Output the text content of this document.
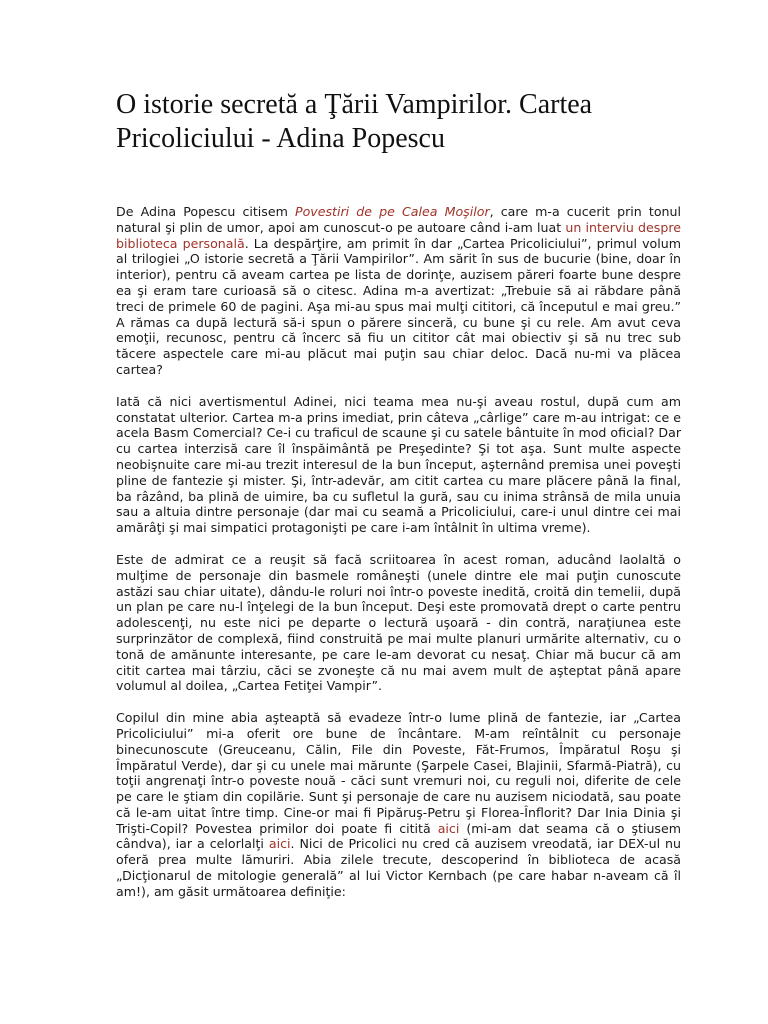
O istorie secretă a Ţării Vampirilor. Cartea Pricoliciului - Adina Popescu

De Adina Popescu citisem Povestiri de pe Calea Moşilor, care m-a cucerit prin tonul natural şi plin de umor, apoi am cunoscut-o pe autoare când i-am luat un interviu despre biblioteca personală. La despărţire, am primit în dar „Cartea Pricoliciului”, primul volum al trilogiei „O istorie secretă a Ţării Vampirilor”. Am sărit în sus de bucurie (bine, doar în interior), pentru că aveam cartea pe lista de dorinţe, auzisem păreri foarte bune despre ea şi eram tare curioasă să o citesc. Adina m-a avertizat: „Trebuie să ai răbdare până treci de primele 60 de pagini. Aşa mi-au spus mai mulţi cititori, că începutul e mai greu.” A rămas ca după lectură să-i spun o părere sinceră, cu bune şi cu rele. Am avut ceva emoţii, recunosc, pentru că încerc să fiu un cititor cât mai obiectiv şi să nu trec sub tăcere aspectele care mi-au plăcut mai puţin sau chiar deloc. Dacă nu-mi va plăcea cartea?

Iată că nici avertismentul Adinei, nici teama mea nu-şi aveau rostul, după cum am constatat ulterior. Cartea m-a prins imediat, prin câteva „cârlige” care m-au intrigat: ce e acela Basm Comercial? Ce-i cu traficul de scaune şi cu satele bântuite în mod oficial? Dar cu cartea interzisă care îl înspăimântă pe Preşedinte? Şi tot aşa. Sunt multe aspecte neobişnuite care mi-au trezit interesul de la bun început, aşternând premisa unei poveşti pline de fantezie şi mister. Şi, într-adevăr, am citit cartea cu mare plăcere până la final, ba râzând, ba plină de uimire, ba cu sufletul la gură, sau cu inima strânsă de mila unuia sau a altuia dintre personaje (dar mai cu seamă a Pricoliciului, care-i unul dintre cei mai amărâţi şi mai simpatici protagonişti pe care i-am întâlnit în ultima vreme).

Este de admirat ce a reuşit să facă scriitoarea în acest roman, aducând laolaltă o mulţime de personaje din basmele româneşti (unele dintre ele mai puţin cunoscute astăzi sau chiar uitate), dându-le roluri noi într-o poveste inedită, croită din temelii, după un plan pe care nu-l înţelegi de la bun început. Deşi este promovată drept o carte pentru adolescenţi, nu este nici pe departe o lectură uşoară - din contră, naraţiunea este surprinzător de complexă, fiind construită pe mai multe planuri urmărite alternativ, cu o tonă de amănunte interesante, pe care le-am devorat cu nesaţ. Chiar mă bucur că am citit cartea mai târziu, căci se zvoneşte că nu mai avem mult de aşteptat până apare volumul al doilea, „Cartea Fetiţei Vampir”.

Copilul din mine abia aşteaptă să evadeze într-o lume plină de fantezie, iar „Cartea Pricoliciului” mi-a oferit ore bune de încântare. M-am reîntâlnit cu personaje binecunoscute (Greuceanu, Călin, File din Poveste, Făt-Frumos, Împăratul Roşu şi Împăratul Verde), dar şi cu unele mai mărunte (Şarpele Casei, Blajinii, Sfarmă-Piatră), cu toţii angrenaţi într-o poveste nouă - căci sunt vremuri noi, cu reguli noi, diferite de cele pe care le ştiam din copilărie. Sunt şi personaje de care nu auzisem niciodată, sau poate că le-am uitat între timp. Cine-or mai fi Pipăruş-Petru şi Florea-Înflorit? Dar Inia Dinia şi Trişti-Copil? Povestea primilor doi poate fi citită aici (mi-am dat seama că o ştiusem cândva), iar a celorlalţi aici. Nici de Pricolici nu cred că auzisem vreodată, iar DEX-ul nu oferă prea multe lămuriri. Abia zilele trecute, descoperind în biblioteca de acasă „Dicţionarul de mitologie generală” al lui Victor Kernbach (pe care habar n-aveam că îl am!), am găsit următoarea definiţie:
